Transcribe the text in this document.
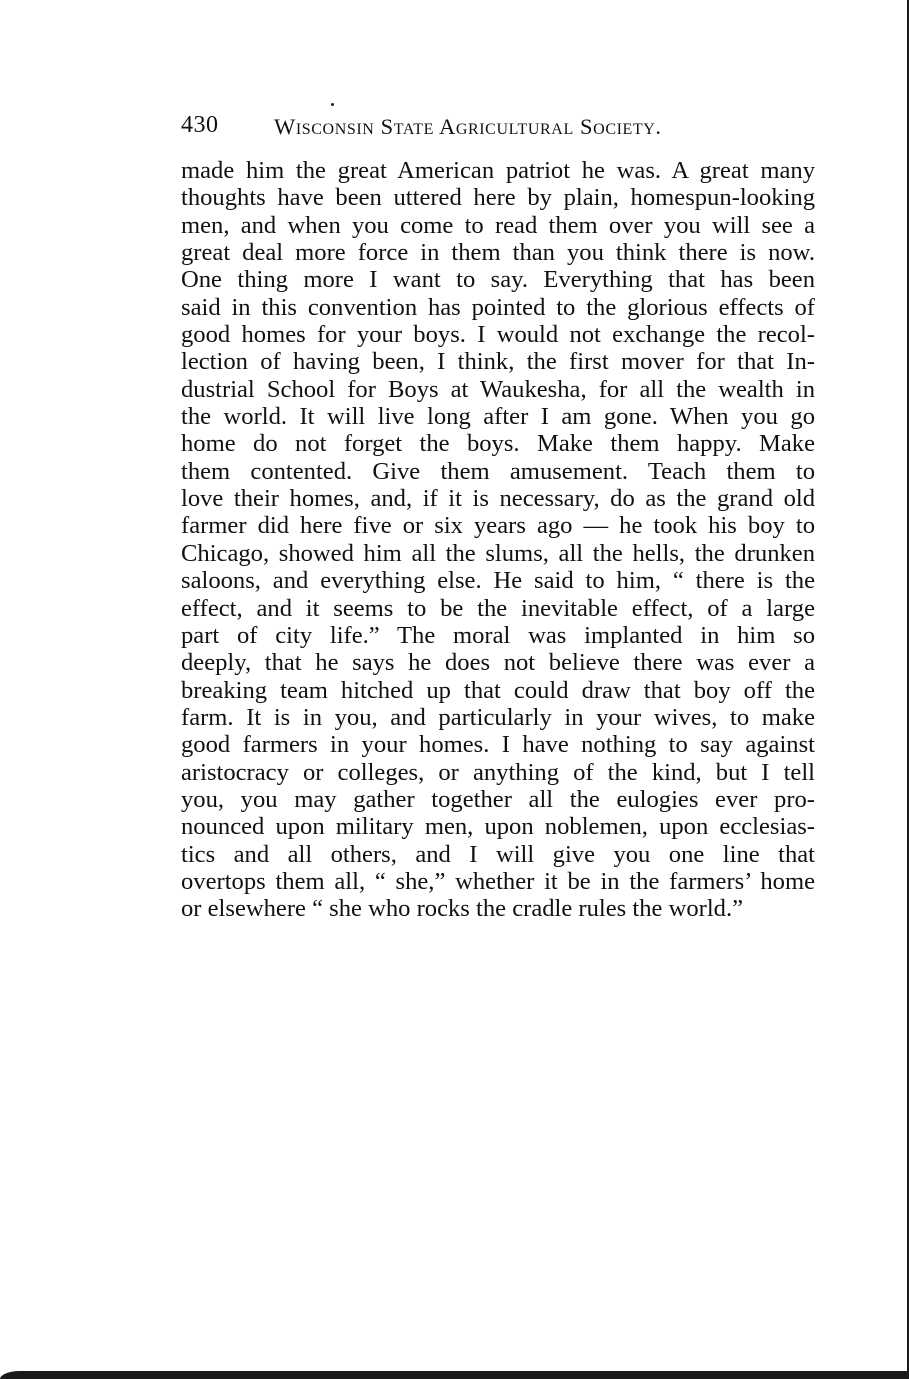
430 Wisconsin State Agricultural Society.
made him the great American patriot he was. A great many
thoughts have been uttered here by plain, homespun-looking
men, and when you come to read them over you will see a
great deal more force in them than you think there is now.
One thing more I want to say. Everything that has been
said in this convention has pointed to the glorious effects of
good homes for your boys. I would not exchange the recol-
lection of having been, I think, the first mover for that In-
dustrial School for Boys at Waukesha, for all the wealth in
the world. It will live long after I am gone. When you go
home do not forget the boys. Make them happy. Make
them contented. Give them amusement. Teach them to
love their homes, and, if it is necessary, do as the grand old
farmer did here five or six years ago — he took his boy to
Chicago, showed him all the slums, all the hells, the drunken
saloons, and everything else. He said to him, “ there is the
effect, and it seems to be the inevitable effect, of a large
part of city life.” The moral was implanted in him so
deeply, that he says he does not believe there was ever a
breaking team hitched up that could draw that boy off the
farm. It is in you, and particularly in your wives, to make
good farmers in your homes. I have nothing to say against
aristocracy or colleges, or anything of the kind, but I tell
you, you may gather together all the eulogies ever pro-
nounced upon military men, upon noblemen, upon ecclesias-
tics and all others, and I will give you one line that
overtops them all, “ she,” whether it be in the farmers’ home
or elsewhere “ she who rocks the cradle rules the world.”
